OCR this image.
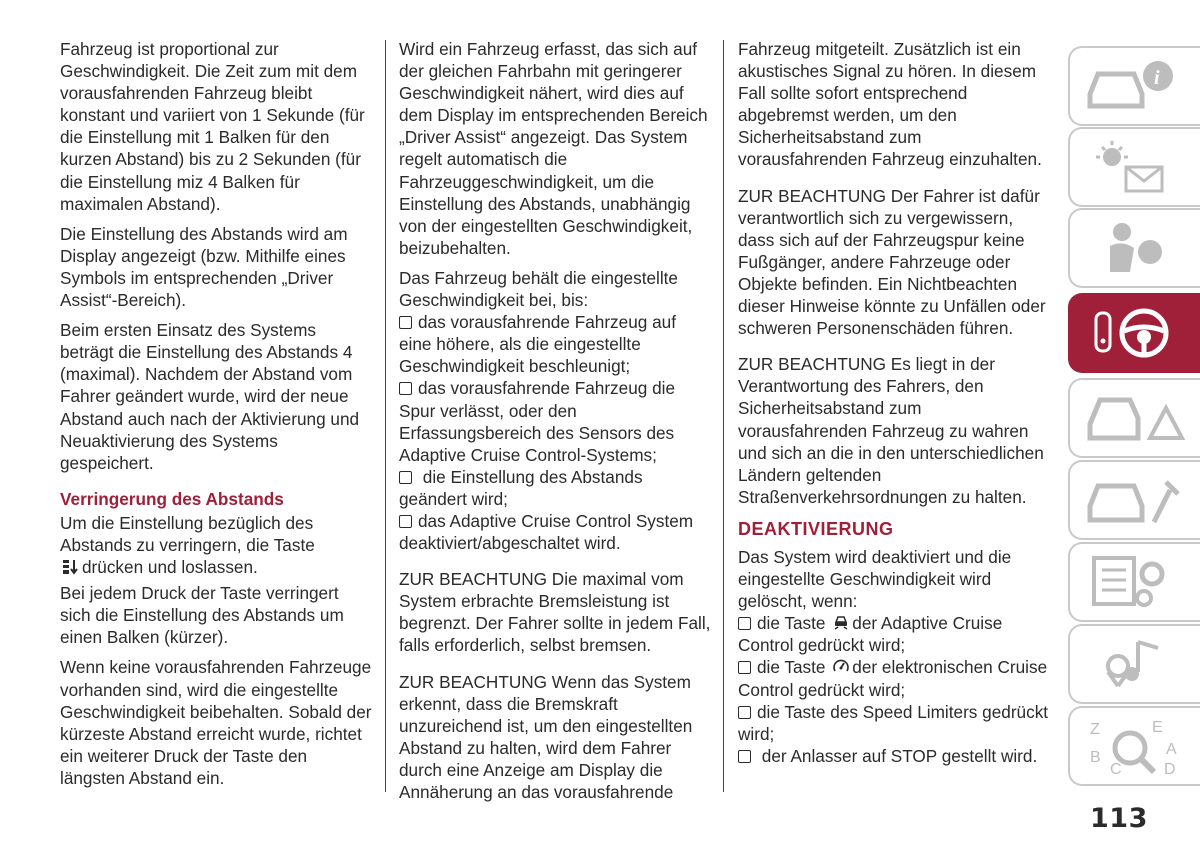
Fahrzeug ist proportional zur Geschwindigkeit. Die Zeit zum mit dem vorausfahrenden Fahrzeug bleibt konstant und variiert von 1 Sekunde (für die Einstellung mit 1 Balken für den kurzen Abstand) bis zu 2 Sekunden (für die Einstellung miz 4 Balken für maximalen Abstand).

Die Einstellung des Abstands wird am Display angezeigt (bzw. Mithilfe eines Symbols im entsprechenden „Driver Assist“-Bereich).

Beim ersten Einsatz des Systems beträgt die Einstellung des Abstands 4 (maximal). Nachdem der Abstand vom Fahrer geändert wurde, wird der neue Abstand auch nach der Aktivierung und Neuaktivierung des Systems gespeichert.

Verringerung des Abstands

Um die Einstellung bezüglich des Abstands zu verringern, die Taste
drücken und loslassen.

Bei jedem Druck der Taste verringert sich die Einstellung des Abstands um einen Balken (kürzer).

Wenn keine vorausfahrenden Fahrzeuge vorhanden sind, wird die eingestellte Geschwindigkeit beibehalten. Sobald der kürzeste Abstand erreicht wurde, richtet ein weiterer Druck der Taste den längsten Abstand ein.

Wird ein Fahrzeug erfasst, das sich auf der gleichen Fahrbahn mit geringerer Geschwindigkeit nähert, wird dies auf dem Display im entsprechenden Bereich „Driver Assist“ angezeigt. Das System regelt automatisch die Fahrzeuggeschwindigkeit, um die Einstellung des Abstands, unabhängig von der eingestellten Geschwindigkeit, beizubehalten.

Das Fahrzeug behält die eingestellte Geschwindigkeit bei, bis:
das vorausfahrende Fahrzeug auf eine höhere, als die eingestellte Geschwindigkeit beschleunigt;
das vorausfahrende Fahrzeug die Spur verlässt, oder den Erfassungsbereich des Sensors des Adaptive Cruise Control-Systems;
die Einstellung des Abstands geändert wird;
das Adaptive Cruise Control System deaktiviert/abgeschaltet wird.

ZUR BEACHTUNG Die maximal vom System erbrachte Bremsleistung ist begrenzt. Der Fahrer sollte in jedem Fall, falls erforderlich, selbst bremsen.

ZUR BEACHTUNG Wenn das System erkennt, dass die Bremskraft unzureichend ist, um den eingestellten Abstand zu halten, wird dem Fahrer durch eine Anzeige am Display die Annäherung an das vorausfahrende

Fahrzeug mitgeteilt. Zusätzlich ist ein akustisches Signal zu hören. In diesem Fall sollte sofort entsprechend abgebremst werden, um den Sicherheitsabstand zum vorausfahrenden Fahrzeug einzuhalten.

ZUR BEACHTUNG Der Fahrer ist dafür verantwortlich sich zu vergewissern, dass sich auf der Fahrzeugspur keine Fußgänger, andere Fahrzeuge oder Objekte befinden. Ein Nichtbeachten dieser Hinweise könnte zu Unfällen oder schweren Personenschäden führen.

ZUR BEACHTUNG Es liegt in der Verantwortung des Fahrers, den Sicherheitsabstand zum vorausfahrenden Fahrzeug zu wahren und sich an die in den unterschiedlichen Ländern geltenden Straßenverkehrsordnungen zu halten.

DEAKTIVIERUNG

Das System wird deaktiviert und die eingestellte Geschwindigkeit wird gelöscht, wenn:
die Taste der Adaptive Cruise Control gedrückt wird;
die Taste der elektronischen Cruise Control gedrückt wird;
die Taste des Speed Limiters gedrückt wird;
der Anlasser auf STOP gestellt wird.

i
Z	E
B	A
D
C
113
